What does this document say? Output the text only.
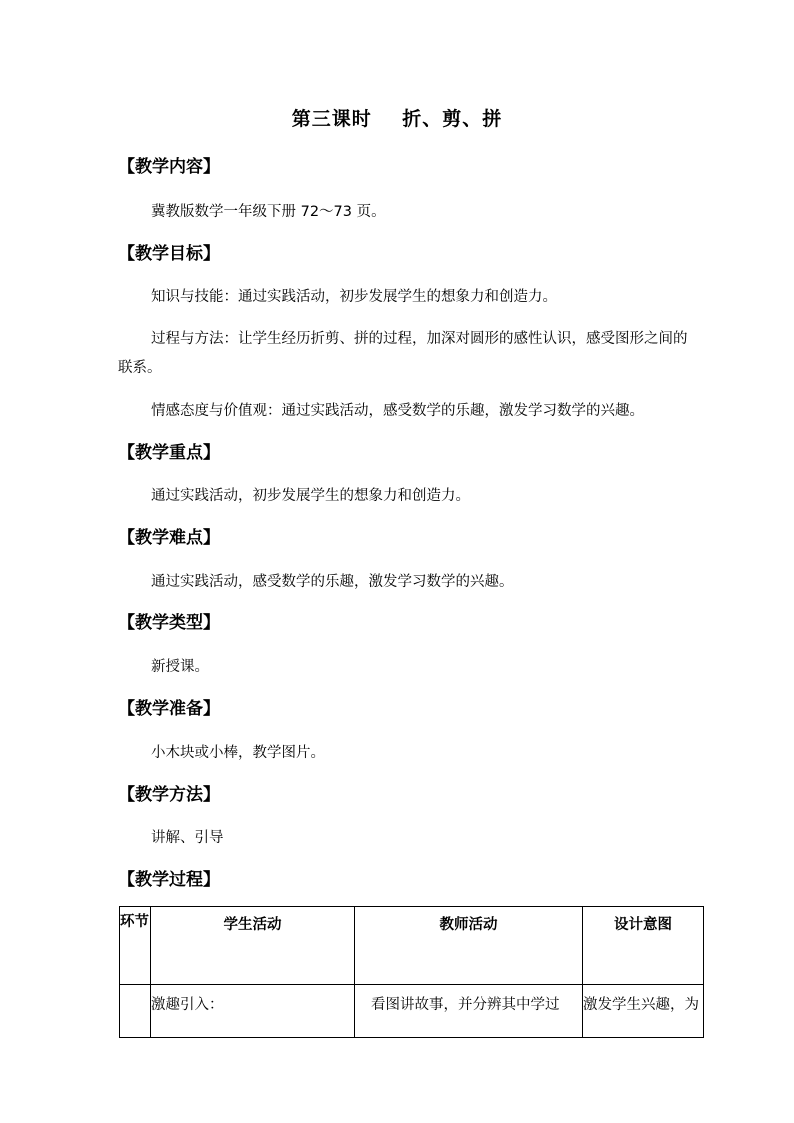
第三课时    折、剪、拼
【教学内容】
冀教版数学一年级下册 72～73 页。
【教学目标】
知识与技能：通过实践活动，初步发展学生的想象力和创造力。
过程与方法：让学生经历折剪、拼的过程，加深对圆形的感性认识，感受图形之间的联系。
情感态度与价值观：通过实践活动，感受数学的乐趣，激发学习数学的兴趣。
【教学重点】
通过实践活动，初步发展学生的想象力和创造力。
【教学难点】
通过实践活动，感受数学的乐趣，激发学习数学的兴趣。
【教学类型】
新授课。
【教学准备】
小木块或小棒，教学图片。
【教学方法】
讲解、引导
【教学过程】
环节	学生活动	教师活动	设计意图
	激趣引入：	看图讲故事，并分辨其中学过	激发学生兴趣，为
